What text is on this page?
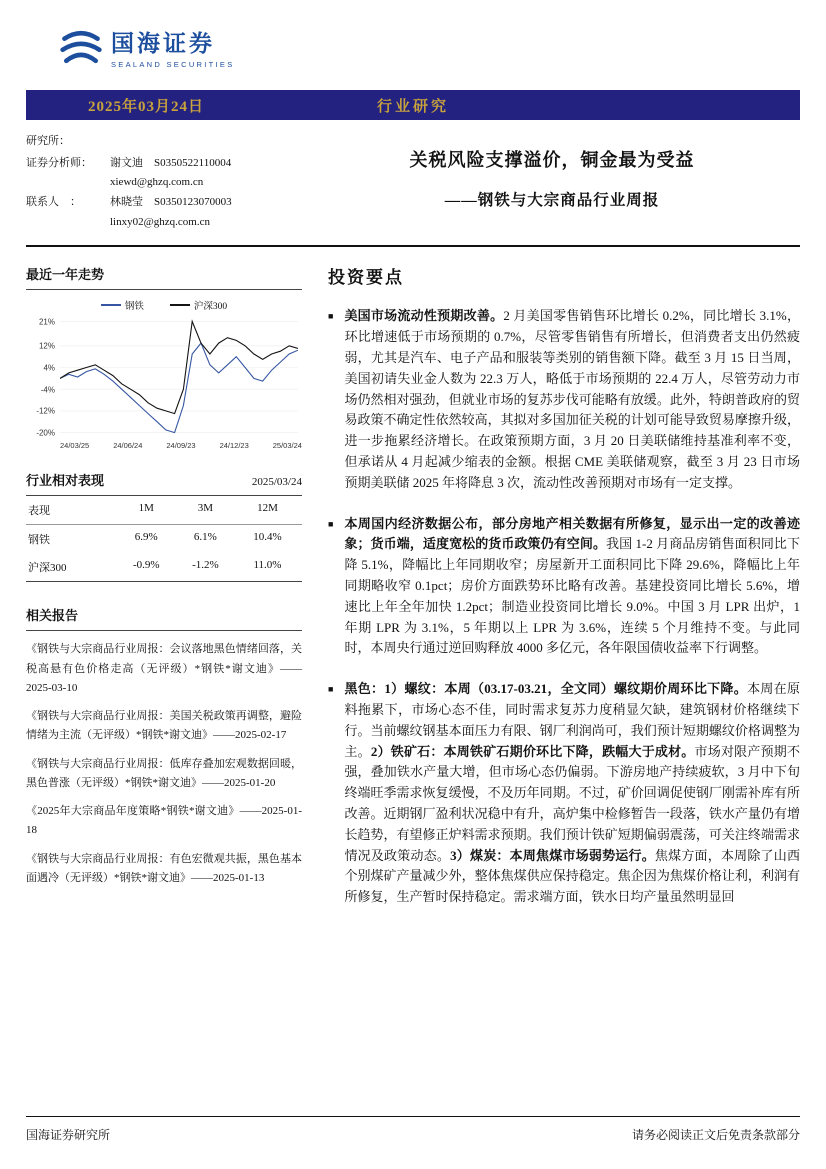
国海证券
SEALAND SECURITIES
2025年03月24日	行业研究
研究所：
证券分析师：	谢文迪　 S0350522110004
xiewd@ghzq.com.cn
联系人　：	林晓莹　 S0350123070003
linxy02@ghzq.com.cn
关税风险支撑溢价，铜金最为受益
——钢铁与大宗商品行业周报
最近一年走势
钢铁	沪深300
21%
12%
4%
-4%
-12%
-20%
24/03/25	24/06/24	24/09/23	24/12/23	25/03/24
行业相对表现	2025/03/24
表现	1M	3M	12M
钢铁	6.9%	6.1%	10.4%
沪深300	-0.9%	-1.2%	11.0%
相关报告

《钢铁与大宗商品行业周报：会议落地黑色情绪回落，关税高悬有色价格走高（无评级）*钢铁*谢文迪》——2025-03-10

《钢铁与大宗商品行业周报：美国关税政策再调整，避险情绪为主流（无评级）*钢铁*谢文迪》——2025-02-17

《钢铁与大宗商品行业周报：低库存叠加宏观数据回暖，黑色普涨（无评级）*钢铁*谢文迪》——2025-01-20

《2025年大宗商品年度策略*钢铁*谢文迪》——2025-01-18

《钢铁与大宗商品行业周报：有色宏微观共振，黑色基本面遇冷（无评级）*钢铁*谢文迪》——2025-01-13

投资要点
■ 美国市场流动性预期改善。2 月美国零售销售环比增长 0.2%，同比增长 3.1%，环比增速低于市场预期的 0.7%，尽管零售销售有所增长，但消费者支出仍然疲弱，尤其是汽车、电子产品和服装等类别的销售额下降。截至 3 月 15 日当周，美国初请失业金人数为 22.3 万人，略低于市场预期的 22.4 万人，尽管劳动力市场仍然相对强劲，但就业市场的复苏步伐可能略有放缓。此外，特朗普政府的贸易政策不确定性依然较高，其拟对多国加征关税的计划可能导致贸易摩擦升级，进一步拖累经济增长。在政策预期方面，3 月 20 日美联储维持基准利率不变，但承诺从 4 月起减少缩表的金额。根据 CME 美联储观察，截至 3 月 23 日市场预期美联储 2025 年将降息 3 次，流动性改善预期对市场有一定支撑。
■ 本周国内经济数据公布，部分房地产相关数据有所修复，显示出一定的改善迹象；货币端，适度宽松的货币政策仍有空间。我国 1-2 月商品房销售面积同比下降 5.1%，降幅比上年同期收窄；房屋新开工面积同比下降 29.6%，降幅比上年同期略收窄 0.1pct；房价方面跌势环比略有改善。基建投资同比增长 5.6%，增速比上年全年加快 1.2pct；制造业投资同比增长 9.0%。中国 3 月 LPR 出炉，1 年期 LPR 为 3.1%，5 年期以上 LPR 为 3.6%，连续 5 个月维持不变。与此同时，本周央行通过逆回购释放 4000 多亿元，各年限国债收益率下行调整。
■ 黑色：1）螺纹：本周（03.17-03.21，全文同）螺纹期价周环比下降。本周在原料拖累下，市场心态不佳，同时需求复苏力度稍显欠缺，建筑钢材价格继续下行。当前螺纹钢基本面压力有限、钢厂利润尚可，我们预计短期螺纹价格调整为主。2）铁矿石：本周铁矿石期价环比下降，跌幅大于成材。市场对限产预期不强，叠加铁水产量大增，但市场心态仍偏弱。下游房地产持续疲软，3 月中下旬终端旺季需求恢复缓慢，不及历年同期。不过，矿价回调促使钢厂刚需补库有所改善。近期钢厂盈利状况稳中有升，高炉集中检修暂告一段落，铁水产量仍有增长趋势，有望修正炉料需求预期。我们预计铁矿短期偏弱震荡，可关注终端需求情况及政策动态。3）煤炭：本周焦煤市场弱势运行。焦煤方面，本周除了山西个别煤矿产量减少外，整体焦煤供应保持稳定。焦企因为焦煤价格让利，利润有所修复，生产暂时保持稳定。需求端方面，铁水日均产量虽然明显回
国海证券研究所	请务必阅读正文后免责条款部分
